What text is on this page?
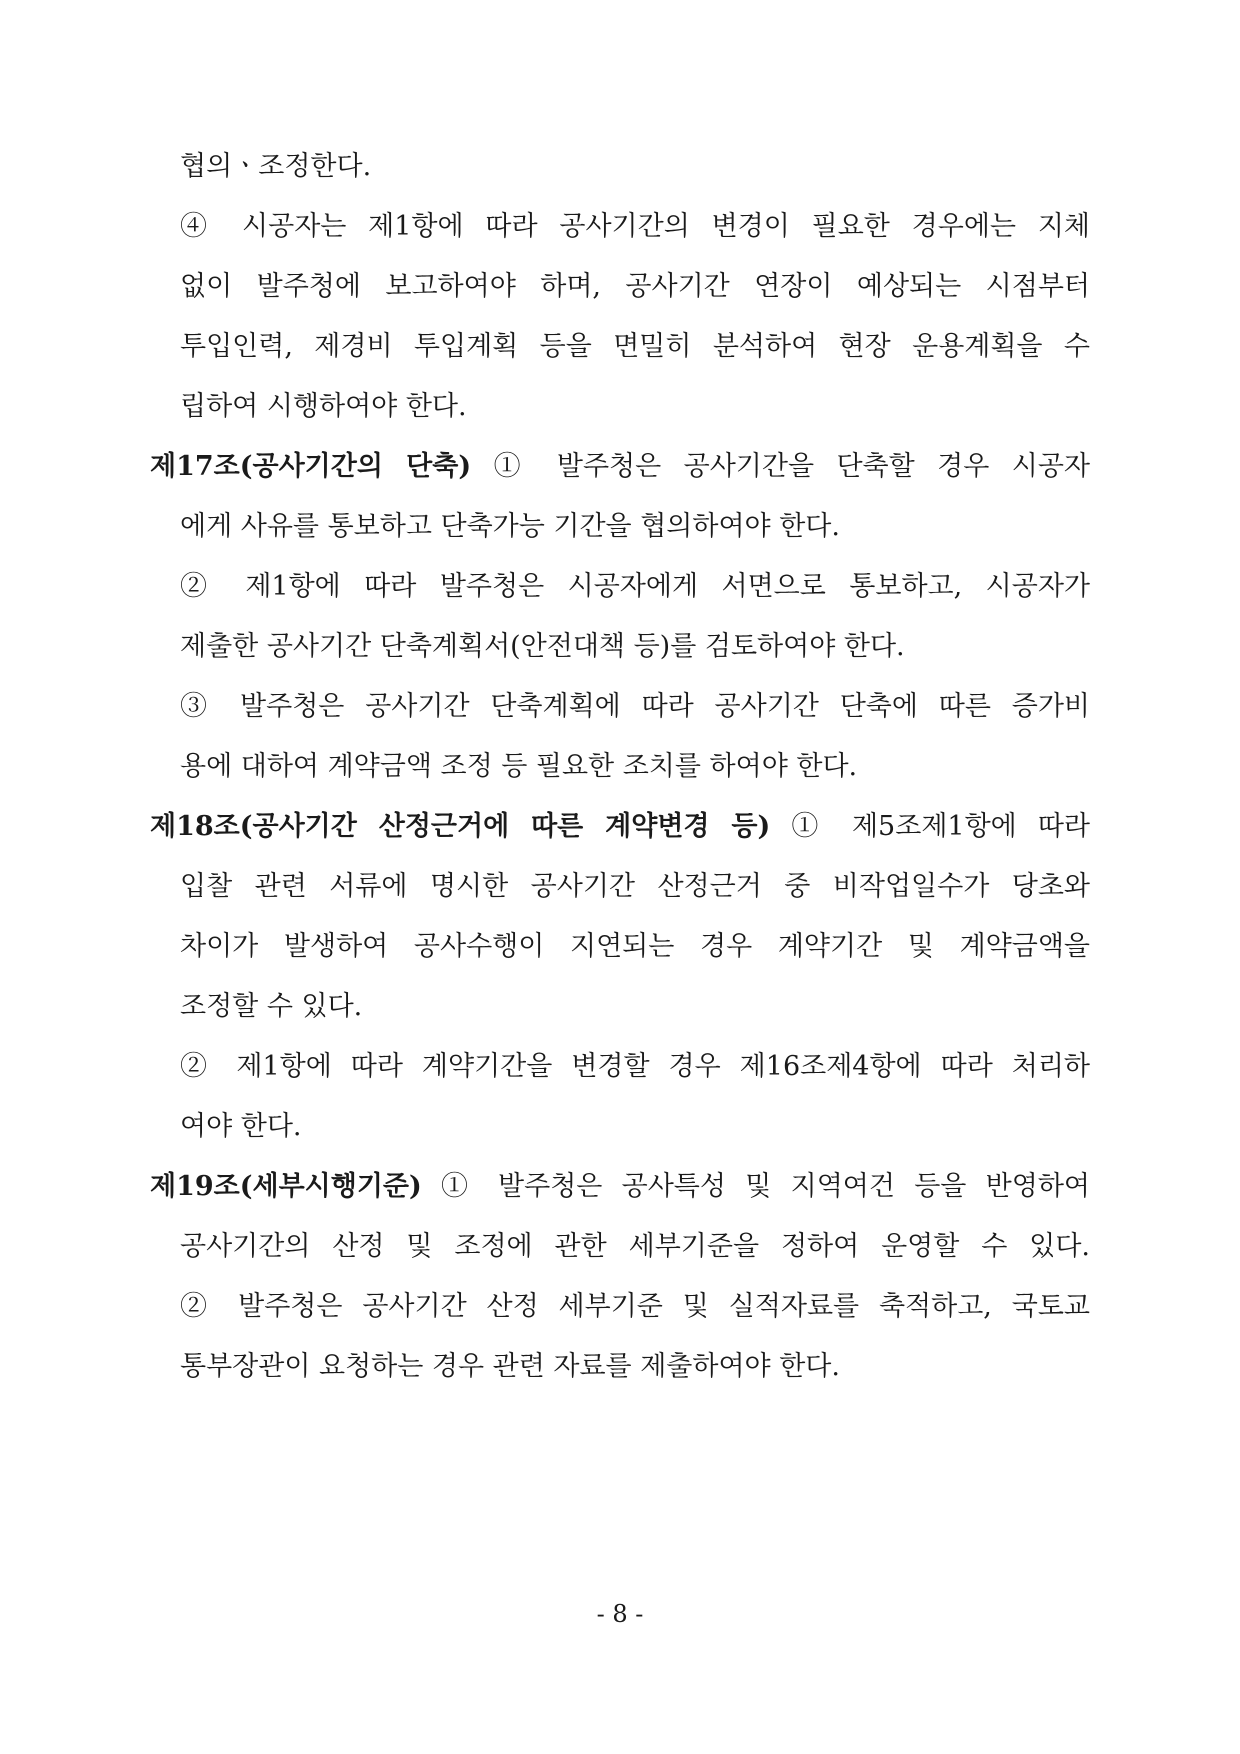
협의ㆍ조정한다.
④ 시공자는 제1항에 따라 공사기간의 변경이 필요한 경우에는 지체
없이 발주청에 보고하여야 하며, 공사기간 연장이 예상되는 시점부터
투입인력, 제경비 투입계획 등을 면밀히 분석하여 현장 운용계획을 수
립하여 시행하여야 한다.
제17조(공사기간의 단축) ① 발주청은 공사기간을 단축할 경우 시공자
에게 사유를 통보하고 단축가능 기간을 협의하여야 한다.
② 제1항에 따라 발주청은 시공자에게 서면으로 통보하고, 시공자가
제출한 공사기간 단축계획서(안전대책 등)를 검토하여야 한다.
③ 발주청은 공사기간 단축계획에 따라 공사기간 단축에 따른 증가비
용에 대하여 계약금액 조정 등 필요한 조치를 하여야 한다.
제18조(공사기간 산정근거에 따른 계약변경 등) ① 제5조제1항에 따라
입찰 관련 서류에 명시한 공사기간 산정근거 중 비작업일수가 당초와
차이가 발생하여 공사수행이 지연되는 경우 계약기간 및 계약금액을
조정할 수 있다.
② 제1항에 따라 계약기간을 변경할 경우 제16조제4항에 따라 처리하
여야 한다.
제19조(세부시행기준) ① 발주청은 공사특성 및 지역여건 등을 반영하여
공사기간의 산정 및 조정에 관한 세부기준을 정하여 운영할 수 있다.
② 발주청은 공사기간 산정 세부기준 및 실적자료를 축적하고, 국토교
통부장관이 요청하는 경우 관련 자료를 제출하여야 한다.
- 8 -
